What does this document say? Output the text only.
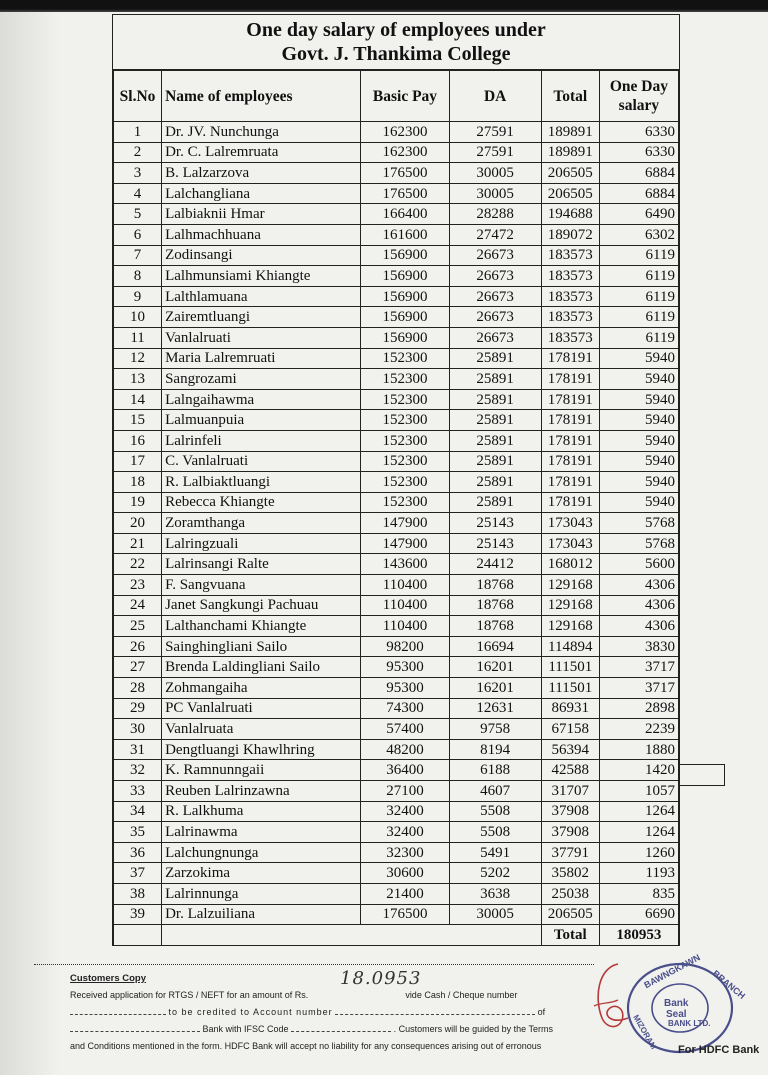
One day salary of employees under
Govt. J. Thankima College
Sl.No	Name of employees	Basic Pay	DA	Total	One Day
salary

1	Dr. JV. Nunchunga	162300	27591	189891	6330
2	Dr. C. Lalremruata	162300	27591	189891	6330
3	B. Lalzarzova	176500	30005	206505	6884
4	Lalchangliana	176500	30005	206505	6884
5	Lalbiaknii Hmar	166400	28288	194688	6490
6	Lalhmachhuana	161600	27472	189072	6302
7	Zodinsangi	156900	26673	183573	6119
8	Lalhmunsiami Khiangte	156900	26673	183573	6119
9	Lalthlamuana	156900	26673	183573	6119
10	Zairemtluangi	156900	26673	183573	6119
11	Vanlalruati	156900	26673	183573	6119
12	Maria Lalremruati	152300	25891	178191	5940
13	Sangrozami	152300	25891	178191	5940
14	Lalngaihawma	152300	25891	178191	5940
15	Lalmuanpuia	152300	25891	178191	5940
16	Lalrinfeli	152300	25891	178191	5940
17	C. Vanlalruati	152300	25891	178191	5940
18	R. Lalbiaktluangi	152300	25891	178191	5940
19	Rebecca Khiangte	152300	25891	178191	5940
20	Zoramthanga	147900	25143	173043	5768
21	Lalringzuali	147900	25143	173043	5768
22	Lalrinsangi Ralte	143600	24412	168012	5600
23	F. Sangvuana	110400	18768	129168	4306
24	Janet Sangkungi Pachuau	110400	18768	129168	4306
25	Lalthanchami Khiangte	110400	18768	129168	4306
26	Sainghingliani Sailo	98200	16694	114894	3830
27	Brenda Laldingliani Sailo	95300	16201	111501	3717
28	Zohmangaiha	95300	16201	111501	3717
29	PC Vanlalruati	74300	12631	86931	2898
30	Vanlalruata	57400	9758	67158	2239
31	Dengtluangi Khawlhring	48200	8194	56394	1880
32	K. Ramnunngaii	36400	6188	42588	1420
33	Reuben Lalrinzawna	27100	4607	31707	1057
34	R. Lalkhuma	32400	5508	37908	1264
35	Lalrinawma	32400	5508	37908	1264
36	Lalchungnunga	32300	5491	37791	1260
37	Zarzokima	30600	5202	35802	1193
38	Lalrinnunga	21400	3638	25038	835
39	Dr. Lalzuiliana	176500	30005	206505	6690
				Total	180953
Customers Copy
Received application for RTGS / NEFT for an amount of Rs.	vide Cash / Cheque number
to be credited to Account number	of
Bank with IFSC Code	. Customers will be guided by the Terms
and Conditions mentioned in the form. HDFC Bank will accept no liability for any consequences arising out of erronous
18.0953	BAWNGKAWN BRANCH
MIZORAM
Bank
Seal
BANK LTD.
For HDFC Bank
